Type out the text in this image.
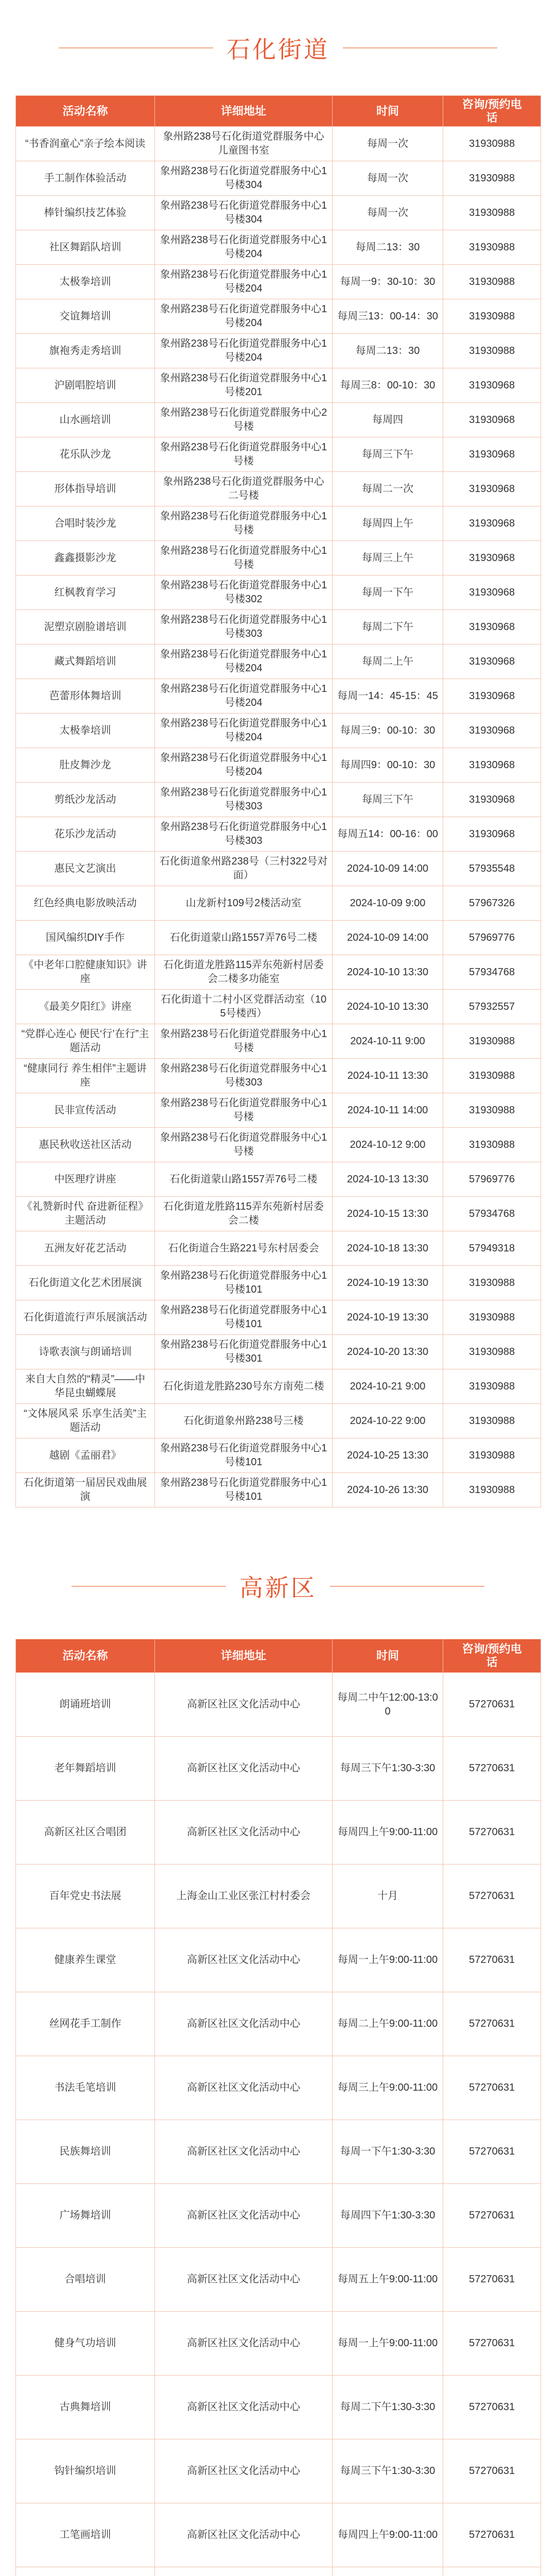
石化街道
活动名称	详细地址	时间	咨询/预约电话
“书香润童心”亲子绘本阅读	象州路238号石化街道党群服务中心儿童图书室	每周一次	31930988
手工制作体验活动	象州路238号石化街道党群服务中心1号楼304	每周一次	31930988
棒针编织技艺体验	象州路238号石化街道党群服务中心1号楼304	每周一次	31930988
社区舞蹈队培训	象州路238号石化街道党群服务中心1号楼204	每周二13：30	31930988
太极拳培训	象州路238号石化街道党群服务中心1号楼204	每周一9：30-10：30	31930988
交谊舞培训	象州路238号石化街道党群服务中心1号楼204	每周三13：00-14：30	31930988
旗袍秀走秀培训	象州路238号石化街道党群服务中心1号楼204	每周二13：30	31930988
沪剧唱腔培训	象州路238号石化街道党群服务中心1号楼201	每周三8：00-10：30	31930968
山水画培训	象州路238号石化街道党群服务中心2号楼	每周四	31930968
花乐队沙龙	象州路238号石化街道党群服务中心1号楼	每周三下午	31930968
形体指导培训	象州路238号石化街道党群服务中心二号楼	每周二一次	31930968
合唱时装沙龙	象州路238号石化街道党群服务中心1号楼	每周四上午	31930968
鑫鑫摄影沙龙	象州路238号石化街道党群服务中心1号楼	每周三上午	31930968
红枫教育学习	象州路238号石化街道党群服务中心1号楼302	每周一下午	31930968
泥塑京剧脸谱培训	象州路238号石化街道党群服务中心1号楼303	每周二下午	31930968
藏式舞蹈培训	象州路238号石化街道党群服务中心1号楼204	每周二上午	31930968
芭蕾形体舞培训	象州路238号石化街道党群服务中心1号楼204	每周一14：45-15：45	31930968
太极拳培训	象州路238号石化街道党群服务中心1号楼204	每周三9：00-10：30	31930968
肚皮舞沙龙	象州路238号石化街道党群服务中心1号楼204	每周四9：00-10：30	31930968
剪纸沙龙活动	象州路238号石化街道党群服务中心1号楼303	每周三下午	31930968
花乐沙龙活动	象州路238号石化街道党群服务中心1号楼303	每周五14：00-16：00	31930968
惠民文艺演出	石化街道象州路238号（三村322号对面）	2024-10-09 14:00	57935548
红色经典电影放映活动	山龙新村109号2楼活动室	2024-10-09 9:00	57967326
国风编织DIY手作	石化街道蒙山路1557弄76号二楼	2024-10-09 14:00	57969776
《中老年口腔健康知识》讲座	石化街道龙胜路115弄东苑新村居委会二楼多功能室	2024-10-10 13:30	57934768
《最美夕阳红》讲座	石化街道十二村小区党群活动室（105号楼西）	2024-10-10 13:30	57932557
“党群心连心 便民‘行’在行”主题活动	象州路238号石化街道党群服务中心1号楼	2024-10-11 9:00	31930988
“健康同行 养生相伴”主题讲座	象州路238号石化街道党群服务中心1号楼303	2024-10-11 13:30	31930988
民非宣传活动	象州路238号石化街道党群服务中心1号楼	2024-10-11 14:00	31930988
惠民秋收送社区活动	象州路238号石化街道党群服务中心1号楼	2024-10-12 9:00	31930988
中医理疗讲座	石化街道蒙山路1557弄76号二楼	2024-10-13 13:30	57969776
《礼赞新时代 奋进新征程》主题活动	石化街道龙胜路115弄东苑新村居委会二楼	2024-10-15 13:30	57934768
五洲友好花艺活动	石化街道合生路221号东村居委会	2024-10-18 13:30	57949318
石化街道文化艺术团展演	象州路238号石化街道党群服务中心1号楼101	2024-10-19 13:30	31930988
石化街道流行声乐展演活动	象州路238号石化街道党群服务中心1号楼101	2024-10-19 13:30	31930988
诗歌表演与朗诵培训	象州路238号石化街道党群服务中心1号楼301	2024-10-20 13:30	31930988
来自大自然的“精灵”——中华昆虫蝴蝶展	石化街道龙胜路230号东方南苑二楼	2024-10-21 9:00	31930988
“文体展风采 乐享生活美”主题活动	石化街道象州路238号三楼	2024-10-22 9:00	31930988
越剧《孟丽君》	象州路238号石化街道党群服务中心1号楼101	2024-10-25 13:30	31930988
石化街道第一届居民戏曲展演	象州路238号石化街道党群服务中心1号楼101	2024-10-26 13:30	31930988
高新区
活动名称	详细地址	时间	咨询/预约电话
朗诵班培训	高新区社区文化活动中心	每周二中午12:00-13:00	57270631
老年舞蹈培训	高新区社区文化活动中心	每周三下午1:30-3:30	57270631
高新区社区合唱团	高新区社区文化活动中心	每周四上午9:00-11:00	57270631
百年党史书法展	上海金山工业区张江村村委会	十月	57270631
健康养生课堂	高新区社区文化活动中心	每周一上午9:00-11:00	57270631
丝网花手工制作	高新区社区文化活动中心	每周二上午9:00-11:00	57270631
书法毛笔培训	高新区社区文化活动中心	每周三上午9:00-11:00	57270631
民族舞培训	高新区社区文化活动中心	每周一下午1:30-3:30	57270631
广场舞培训	高新区社区文化活动中心	每周四下午1:30-3:30	57270631
合唱培训	高新区社区文化活动中心	每周五上午9:00-11:00	57270631
健身气功培训	高新区社区文化活动中心	每周一上午9:00-11:00	57270631
古典舞培训	高新区社区文化活动中心	每周二下午1:30-3:30	57270631
钩针编织培训	高新区社区文化活动中心	每周三下午1:30-3:30	57270631
工笔画培训	高新区社区文化活动中心	每周四上午9:00-11:00	57270631
